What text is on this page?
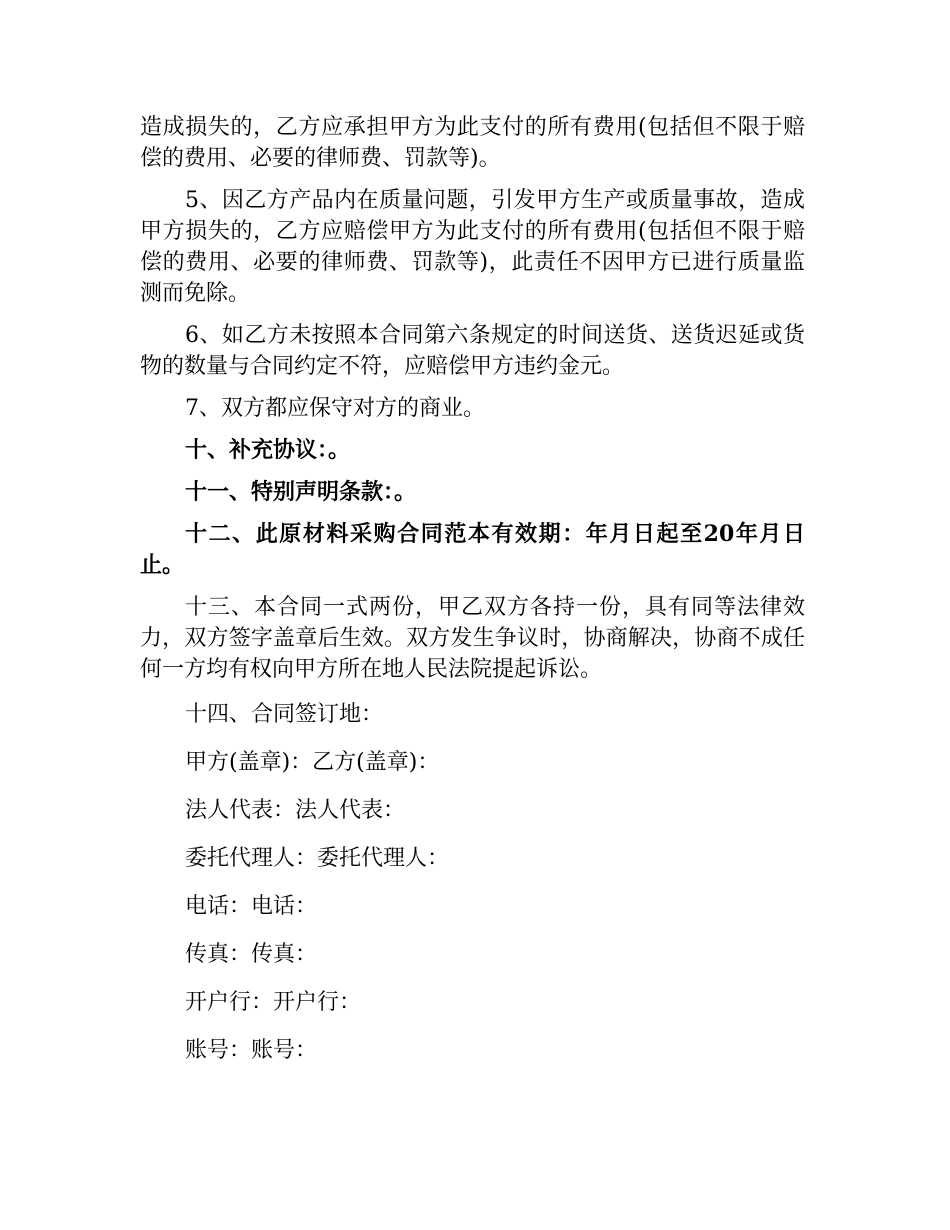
造成损失的，乙方应承担甲方为此支付的所有费用(包括但不限于赔偿的费用、必要的律师费、罚款等)。

5、因乙方产品内在质量问题，引发甲方生产或质量事故，造成甲方损失的，乙方应赔偿甲方为此支付的所有费用(包括但不限于赔偿的费用、必要的律师费、罚款等)，此责任不因甲方已进行质量监测而免除。

6、如乙方未按照本合同第六条规定的时间送货、送货迟延或货物的数量与合同约定不符，应赔偿甲方违约金元。

7、双方都应保守对方的商业。

十、补充协议：。

十一、特别声明条款：。

十二、此原材料采购合同范本有效期：年月日起至20年月日止。

十三、本合同一式两份，甲乙双方各持一份，具有同等法律效力，双方签字盖章后生效。双方发生争议时，协商解决，协商不成任何一方均有权向甲方所在地人民法院提起诉讼。

十四、合同签订地：

甲方(盖章)：乙方(盖章)：

法人代表：法人代表：

委托代理人：委托代理人：

电话：电话：

传真：传真：

开户行：开户行：

账号：账号：
